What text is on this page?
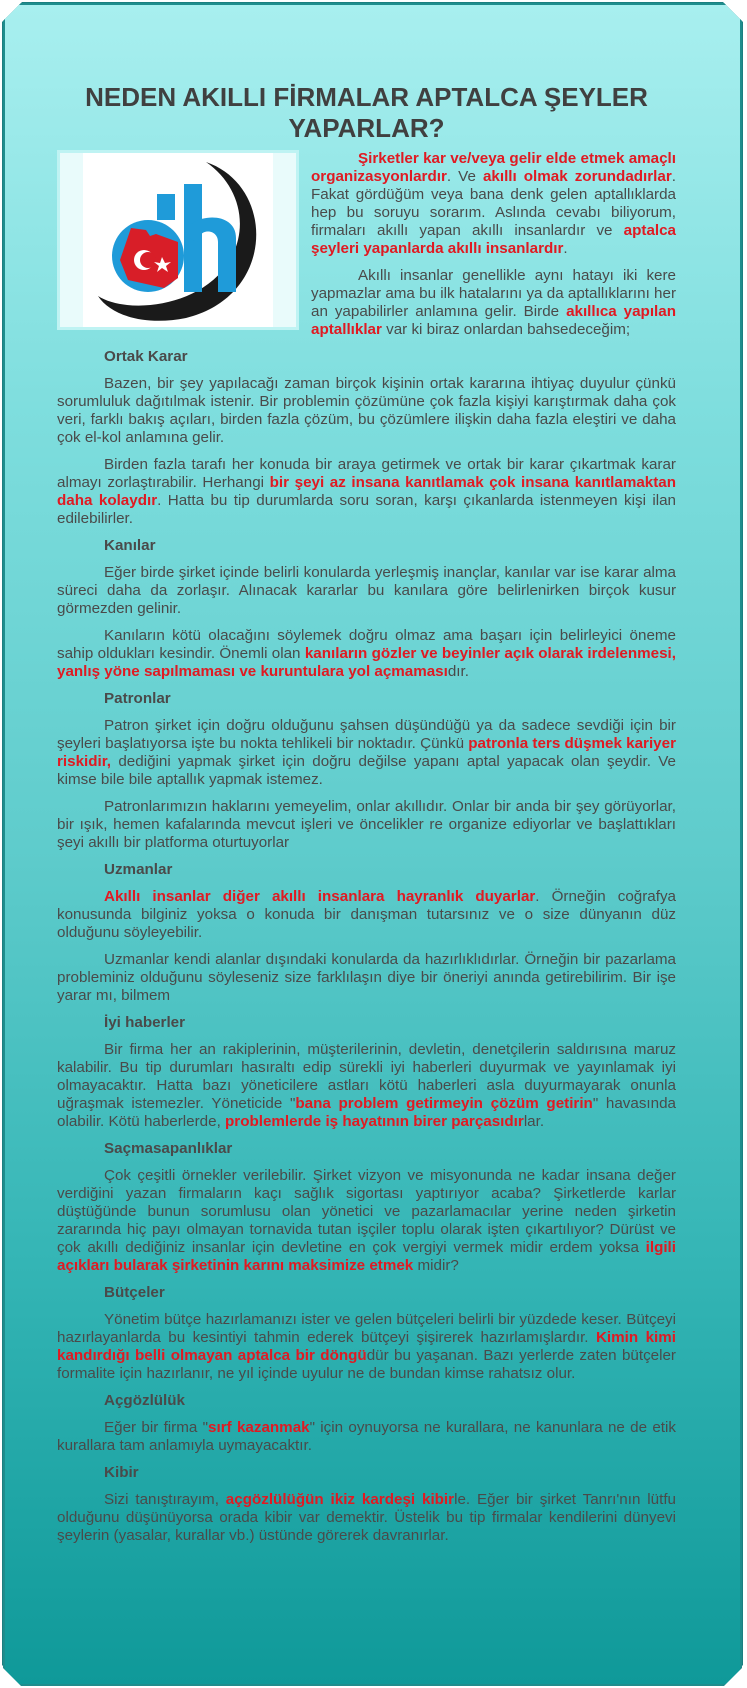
NEDEN AKILLI FİRMALAR APTALCA ŞEYLER YAPARLAR?

Şirketler kar ve/veya gelir elde etmek amaçlı organizasyonlardır. Ve akıllı olmak zorundadırlar. Fakat gördüğüm veya bana denk gelen aptallıklarda hep bu soruyu sorarım. Aslında cevabı biliyorum, firmaları akıllı yapan akıllı insanlardır ve aptalca şeyleri yapanlarda akıllı insanlardır.

Akıllı insanlar genellikle aynı hatayı iki kere yapmazlar ama bu ilk hatalarını ya da aptallıklarını her an yapabilirler anlamına gelir. Birde akıllıca yapılan aptallıklar var ki biraz onlardan bahsedeceğim;

Ortak Karar

Bazen, bir şey yapılacağı zaman birçok kişinin ortak kararına ihtiyaç duyulur çünkü sorumluluk dağıtılmak istenir. Bir problemin çözümüne çok fazla kişiyi karıştırmak daha çok veri, farklı bakış açıları, birden fazla çözüm, bu çözümlere ilişkin daha fazla eleştiri ve daha çok el-kol anlamına gelir.

Birden fazla tarafı her konuda bir araya getirmek ve ortak bir karar çıkartmak karar almayı zorlaştırabilir. Herhangi bir şeyi az insana kanıtlamak çok insana kanıtlamaktan daha kolaydır. Hatta bu tip durumlarda soru soran, karşı çıkanlarda istenmeyen kişi ilan edilebilirler.

Kanılar

Eğer birde şirket içinde belirli konularda yerleşmiş inançlar, kanılar var ise karar alma süreci daha da zorlaşır. Alınacak kararlar bu kanılara göre belirlenirken birçok kusur görmezden gelinir.

Kanıların kötü olacağını söylemek doğru olmaz ama başarı için belirleyici öneme sahip oldukları kesindir. Önemli olan kanıların gözler ve beyinler açık olarak irdelenmesi, yanlış yöne sapılmaması ve kuruntulara yol açmamasıdır.

Patronlar

Patron şirket için doğru olduğunu şahsen düşündüğü ya da sadece sevdiği için bir şeyleri başlatıyorsa işte bu nokta tehlikeli bir noktadır. Çünkü patronla ters düşmek kariyer riskidir, dediğini yapmak şirket için doğru değilse yapanı aptal yapacak olan şeydir. Ve kimse bile bile aptallık yapmak istemez.

Patronlarımızın haklarını yemeyelim, onlar akıllıdır. Onlar bir anda bir şey görüyorlar, bir ışık, hemen kafalarında mevcut işleri ve öncelikler re organize ediyorlar ve başlattıkları şeyi akıllı bir platforma oturtuyorlar

Uzmanlar

Akıllı insanlar diğer akıllı insanlara hayranlık duyarlar. Örneğin coğrafya konusunda bilginiz yoksa o konuda bir danışman tutarsınız ve o size dünyanın düz olduğunu söyleyebilir.

Uzmanlar kendi alanlar dışındaki konularda da hazırlıklıdırlar. Örneğin bir pazarlama probleminiz olduğunu söyleseniz size farklılaşın diye bir öneriyi anında getirebilirim. Bir işe yarar mı, bilmem

İyi haberler

Bir firma her an rakiplerinin, müşterilerinin, devletin, denetçilerin saldırısına maruz kalabilir. Bu tip durumları hasıraltı edip sürekli iyi haberleri duyurmak ve yayınlamak iyi olmayacaktır. Hatta bazı yöneticilere astları kötü haberleri asla duyurmayarak onunla uğraşmak istemezler. Yöneticide "bana problem getirmeyin çözüm getirin" havasında olabilir. Kötü haberlerde, problemlerde iş hayatının birer parçasıdırlar.

Saçmasapanlıklar

Çok çeşitli örnekler verilebilir. Şirket vizyon ve misyonunda ne kadar insana değer verdiğini yazan firmaların kaçı sağlık sigortası yaptırıyor acaba? Şirketlerde karlar düştüğünde bunun sorumlusu olan yönetici ve pazarlamacılar yerine neden şirketin zararında hiç payı olmayan tornavida tutan işçiler toplu olarak işten çıkartılıyor? Dürüst ve çok akıllı dediğiniz insanlar için devletine en çok vergiyi vermek midir erdem yoksa ilgili açıkları bularak şirketinin karını maksimize etmek midir?

Bütçeler

Yönetim bütçe hazırlamanızı ister ve gelen bütçeleri belirli bir yüzdede keser. Bütçeyi hazırlayanlarda bu kesintiyi tahmin ederek bütçeyi şişirerek hazırlamışlardır. Kimin kimi kandırdığı belli olmayan aptalca bir döngüdür bu yaşanan. Bazı yerlerde zaten bütçeler formalite için hazırlanır, ne yıl içinde uyulur ne de bundan kimse rahatsız olur.

Açgözlülük

Eğer bir firma "sırf kazanmak" için oynuyorsa ne kurallara, ne kanunlara ne de etik kurallara tam anlamıyla uymayacaktır.

Kibir

Sizi tanıştırayım, açgözlülüğün ikiz kardeşi kibirle. Eğer bir şirket Tanrı'nın lütfu olduğunu düşünüyorsa orada kibir var demektir. Üstelik bu tip firmalar kendilerini dünyevi şeylerin (yasalar, kurallar vb.) üstünde görerek davranırlar.
